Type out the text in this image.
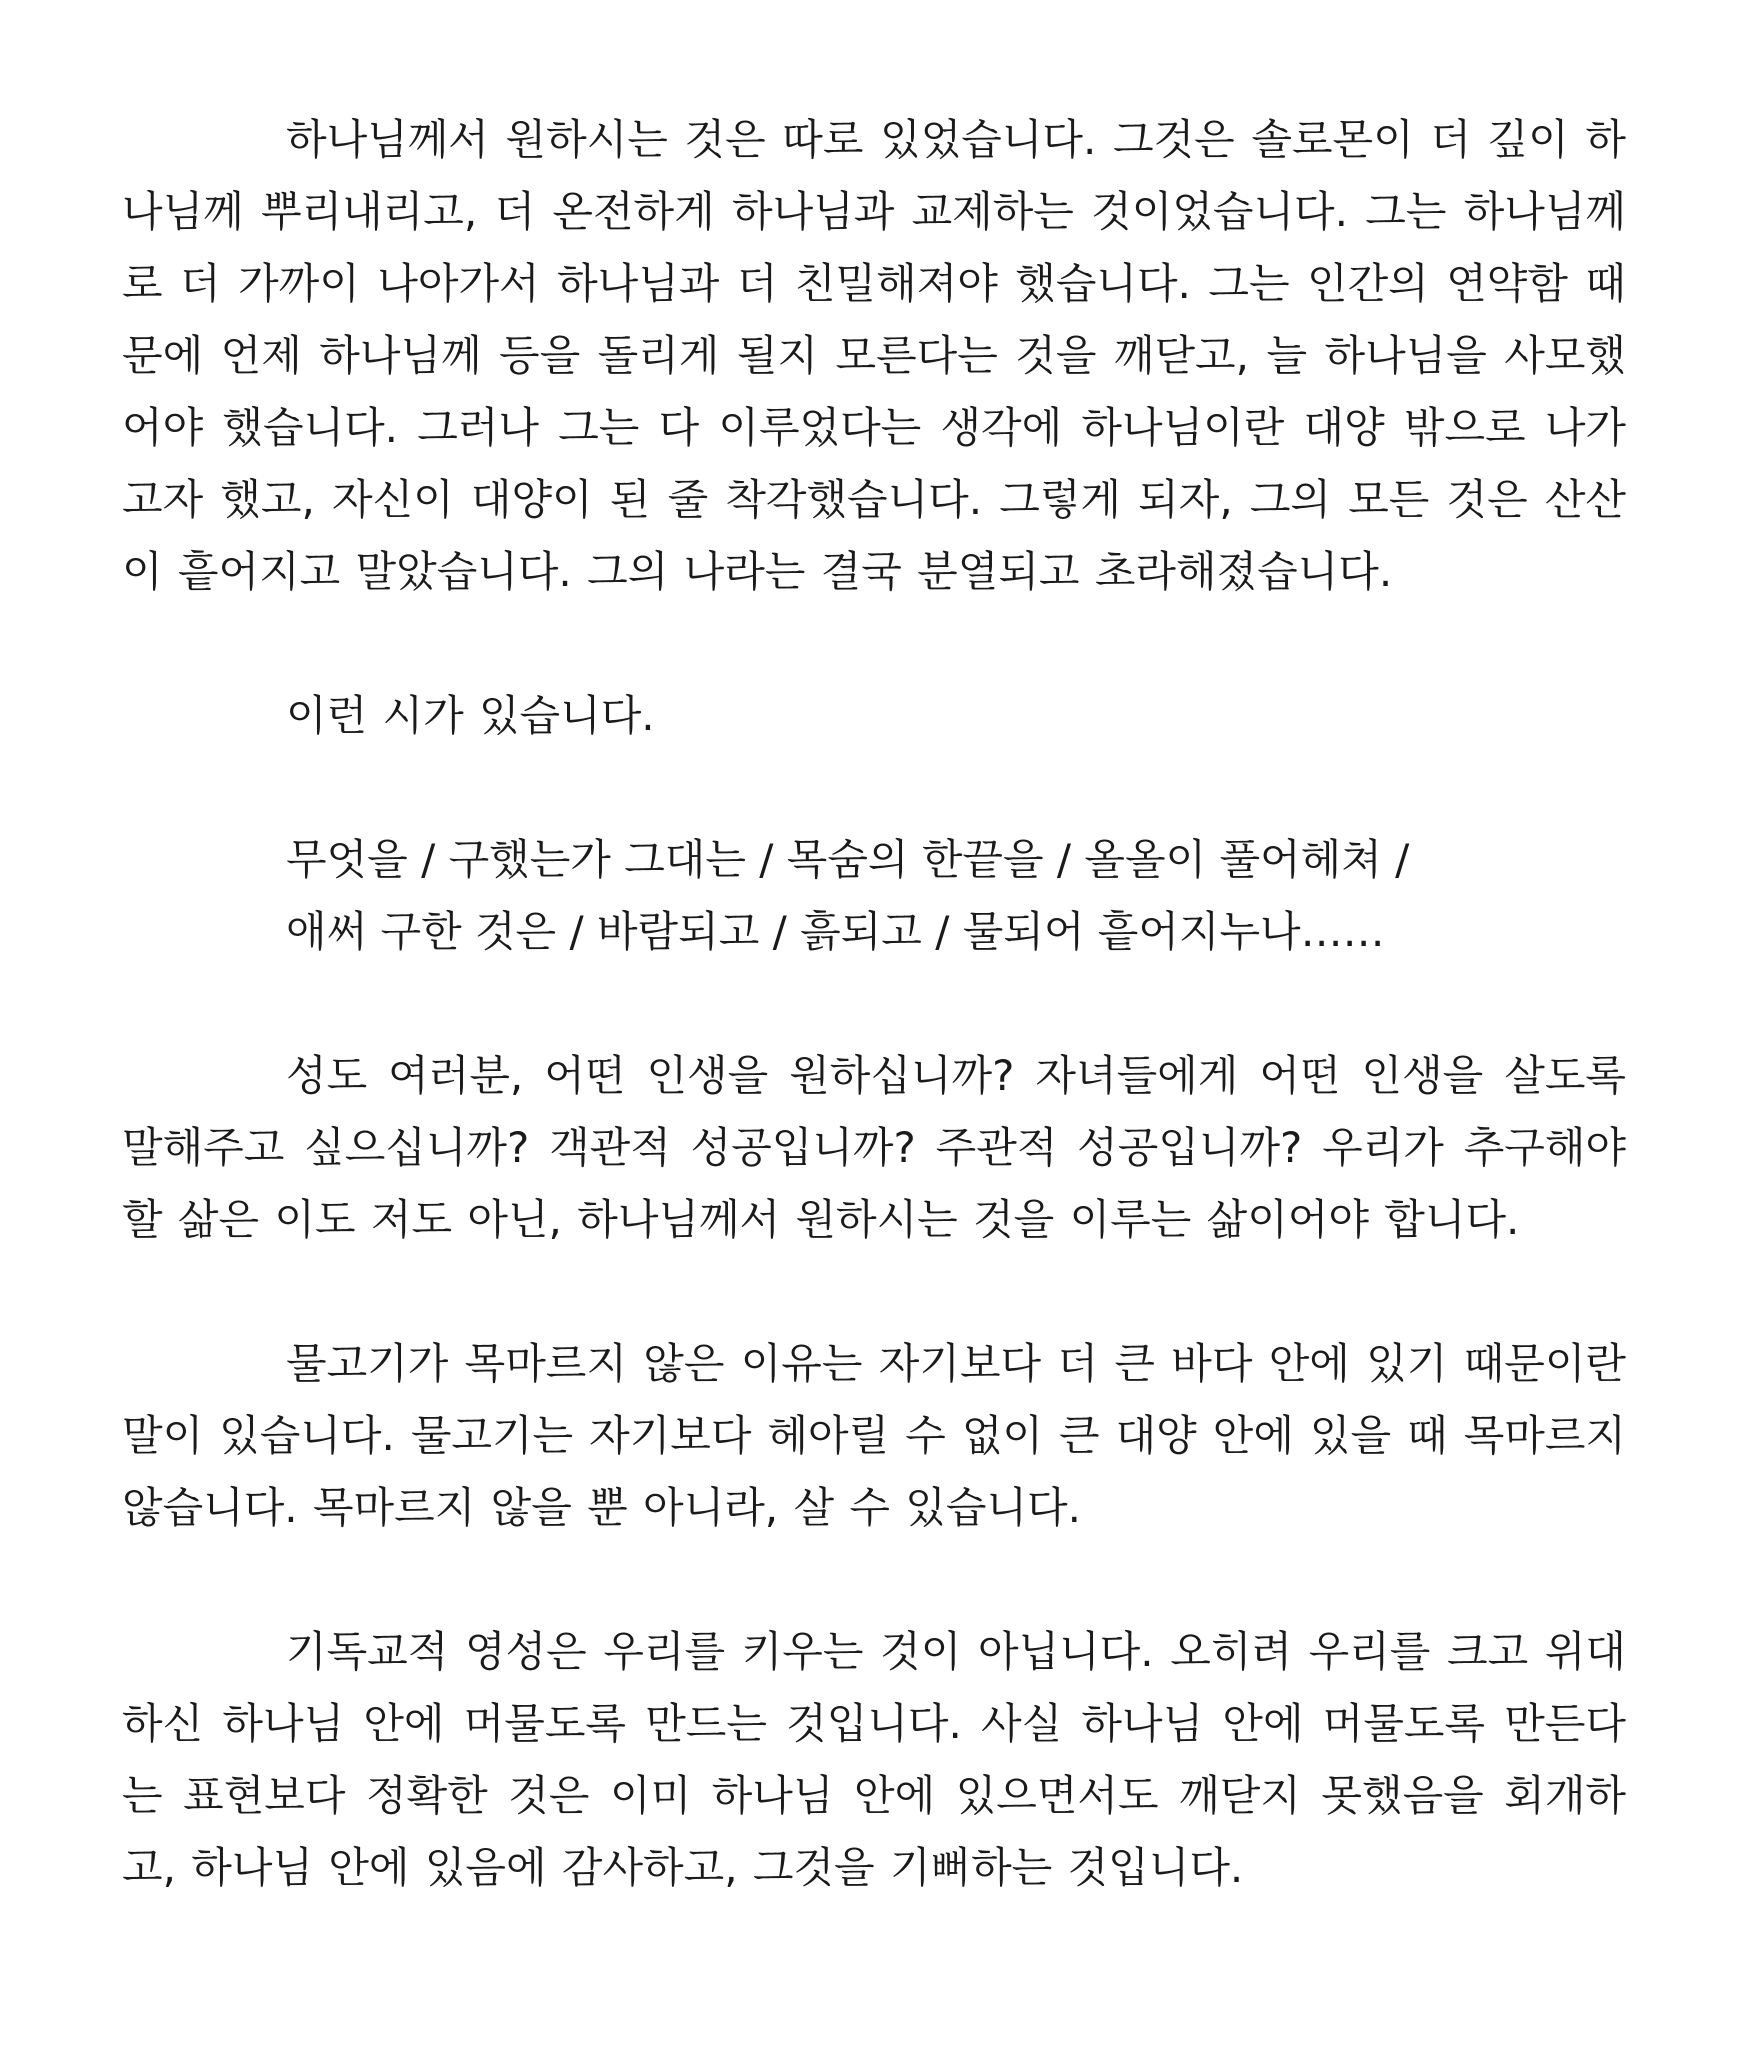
하나님께서 원하시는 것은 따로 있었습니다. 그것은 솔로몬이 더 깊이 하나님께 뿌리내리고, 더 온전하게 하나님과 교제하는 것이었습니다. 그는 하나님께로 더 가까이 나아가서 하나님과 더 친밀해져야 했습니다. 그는 인간의 연약함 때문에 언제 하나님께 등을 돌리게 될지 모른다는 것을 깨닫고, 늘 하나님을 사모했어야 했습니다. 그러나 그는 다 이루었다는 생각에 하나님이란 대양 밖으로 나가고자 했고, 자신이 대양이 된 줄 착각했습니다. 그렇게 되자, 그의 모든 것은 산산이 흩어지고 말았습니다. 그의 나라는 결국 분열되고 초라해졌습니다.

이런 시가 있습니다.

무엇을 / 구했는가 그대는 / 목숨의 한끝을 / 올올이 풀어헤쳐 /
애써 구한 것은 / 바람되고 / 흙되고 / 물되어 흩어지누나……

성도 여러분, 어떤 인생을 원하십니까? 자녀들에게 어떤 인생을 살도록 말해주고 싶으십니까? 객관적 성공입니까? 주관적 성공입니까? 우리가 추구해야 할 삶은 이도 저도 아닌, 하나님께서 원하시는 것을 이루는 삶이어야 합니다.

물고기가 목마르지 않은 이유는 자기보다 더 큰 바다 안에 있기 때문이란 말이 있습니다. 물고기는 자기보다 헤아릴 수 없이 큰 대양 안에 있을 때 목마르지 않습니다. 목마르지 않을 뿐 아니라, 살 수 있습니다.

기독교적 영성은 우리를 키우는 것이 아닙니다. 오히려 우리를 크고 위대하신 하나님 안에 머물도록 만드는 것입니다. 사실 하나님 안에 머물도록 만든다는 표현보다 정확한 것은 이미 하나님 안에 있으면서도 깨닫지 못했음을 회개하고, 하나님 안에 있음에 감사하고, 그것을 기뻐하는 것입니다.
